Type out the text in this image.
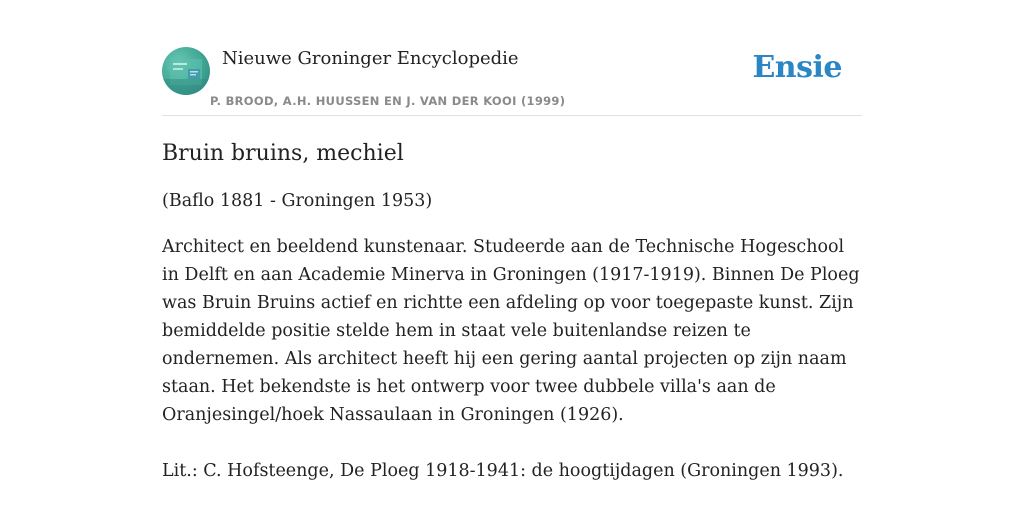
Nieuwe Groninger Encyclopedie
P. BROOD, A.H. HUUSSEN EN J. VAN DER KOOI (1999)
Ensie
Bruin bruins, mechiel

(Baflo 1881 - Groningen 1953)

Architect en beeldend kunstenaar. Studeerde aan de Technische Hogeschool in Delft en aan Academie Minerva in Groningen (1917-1919). Binnen De Ploeg was Bruin Bruins actief en richtte een afdeling op voor toegepaste kunst. Zijn bemiddelde positie stelde hem in staat vele buitenlandse reizen te ondernemen. Als architect heeft hij een gering aantal projecten op zijn naam staan. Het bekendste is het ontwerp voor twee dubbele villa's aan de Oranjesingel/hoek Nassaulaan in Groningen (1926).

Lit.: C. Hofsteenge, De Ploeg 1918-1941: de hoogtijdagen (Groningen 1993).
